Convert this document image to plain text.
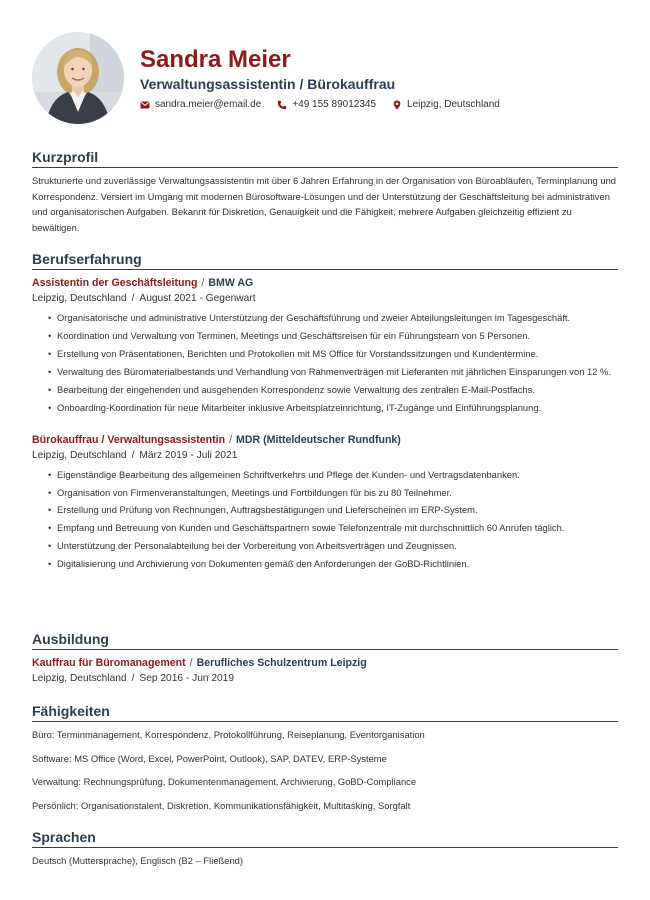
Sandra Meier
Verwaltungsassistentin / Bürokauffrau
sandra.meier@email.de	+49 155 89012345	Leipzig, Deutschland
Kurzprofil

Strukturierte und zuverlässige Verwaltungsassistentin mit über 6 Jahren Erfahrung in der Organisation von Büroabläufen, Terminplanung und Korrespondenz. Versiert im Umgang mit modernen Bürosoftware-Lösungen und der Unterstützung der Geschäftsleitung bei administrativen und organisatorischen Aufgaben. Bekannt für Diskretion, Genauigkeit und die Fähigkeit, mehrere Aufgaben gleichzeitig effizient zu bewältigen.

Berufserfahrung
Assistentin der Geschäftsleitung / BMW AG
Leipzig, Deutschland / August 2021 - Gegenwart
• Organisatorische und administrative Unterstützung der Geschäftsführung und zweier Abteilungsleitungen im Tagesgeschäft.
• Koordination und Verwaltung von Terminen, Meetings und Geschäftsreisen für ein Führungsteam von 5 Personen.
• Erstellung von Präsentationen, Berichten und Protokollen mit MS Office für Vorstandssitzungen und Kundentermine.
• Verwaltung des Büromaterialbestands und Verhandlung von Rahmenverträgen mit Lieferanten mit jährlichen Einsparungen von 12 %.
• Bearbeitung der eingehenden und ausgehenden Korrespondenz sowie Verwaltung des zentralen E-Mail-Postfachs.
• Onboarding-Koordination für neue Mitarbeiter inklusive Arbeitsplatzeinrichtung, IT-Zugänge und Einführungsplanung.
Bürokauffrau / Verwaltungsassistentin / MDR (Mitteldeutscher Rundfunk)
Leipzig, Deutschland / März 2019 - Juli 2021
• Eigenständige Bearbeitung des allgemeinen Schriftverkehrs und Pflege der Kunden- und Vertragsdatenbanken.
• Organisation von Firmenveranstaltungen, Meetings und Fortbildungen für bis zu 80 Teilnehmer.
• Erstellung und Prüfung von Rechnungen, Auftragsbestätigungen und Lieferscheinen im ERP-System.
• Empfang und Betreuung von Kunden und Geschäftspartnern sowie Telefonzentrale mit durchschnittlich 60 Anrufen täglich.
• Unterstützung der Personalabteilung bei der Vorbereitung von Arbeitsverträgen und Zeugnissen.
• Digitalisierung und Archivierung von Dokumenten gemäß den Anforderungen der GoBD-Richtlinien.
Ausbildung
Kauffrau für Büromanagement / Berufliches Schulzentrum Leipzig
Leipzig, Deutschland / Sep 2016 - Jun 2019
Fähigkeiten
Büro: Terminmanagement, Korrespondenz, Protokollführung, Reiseplanung, Eventorganisation
Software: MS Office (Word, Excel, PowerPoint, Outlook), SAP, DATEV, ERP-Systeme
Verwaltung: Rechnungsprüfung, Dokumentenmanagement, Archivierung, GoBD-Compliance
Persönlich: Organisationstalent, Diskretion, Kommunikationsfähigkeit, Multitasking, Sorgfalt
Sprachen
Deutsch (Muttersprache), Englisch (B2 – Fließend)
